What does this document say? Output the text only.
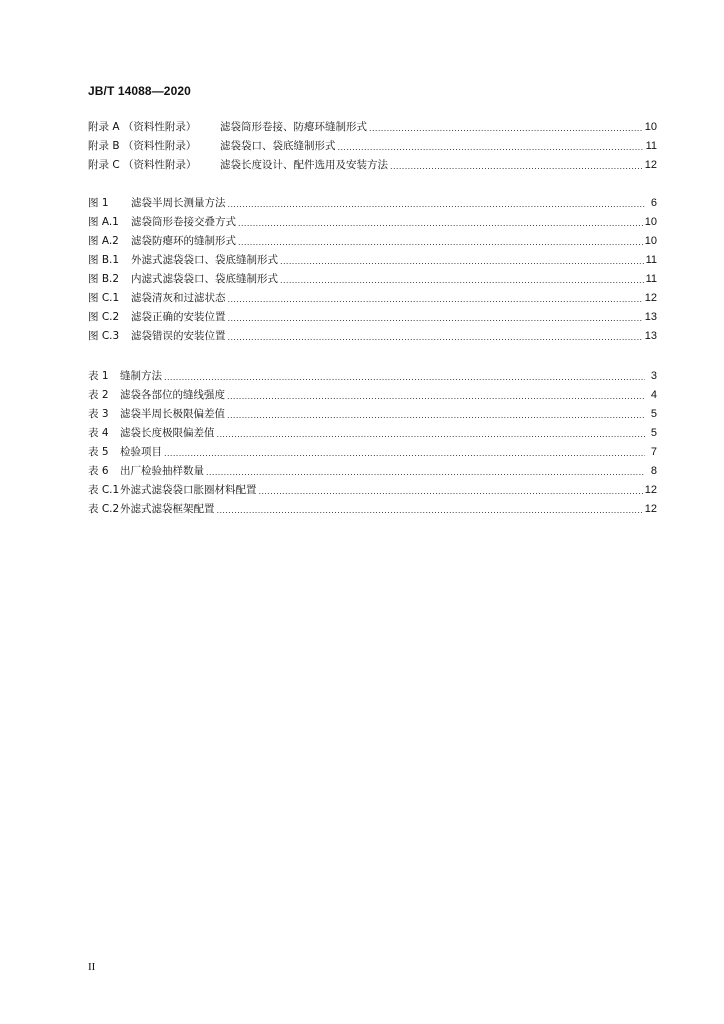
JB/T 14088—2020
附录 A （资料性附录） 滤袋筒形卷接、防瘪环缝制形式 .....	10
附录 B （资料性附录） 滤袋袋口、袋底缝制形式 .....	11
附录 C （资料性附录） 滤袋长度设计、配件选用及安装方法 .....	12
图 1 滤袋半周长测量方法 .....	6
图 A.1 滤袋筒形卷接交叠方式 .....	10
图 A.2 滤袋防瘪环的缝制形式 .....	10
图 B.1 外滤式滤袋袋口、袋底缝制形式 .....	11
图 B.2 内滤式滤袋袋口、袋底缝制形式 .....	11
图 C.1 滤袋清灰和过滤状态 .....	12
图 C.2 滤袋正确的安装位置 .....	13
图 C.3 滤袋错误的安装位置 .....	13
表 1 缝制方法 .....	3
表 2 滤袋各部位的缝线强度 .....	4
表 3 滤袋半周长极限偏差值 .....	5
表 4 滤袋长度极限偏差值 .....	5
表 5 检验项目 .....	7
表 6 出厂检验抽样数量 .....	8
表 C.1外滤式滤袋袋口胀圈材料配置 .....	12
表 C.2外滤式滤袋框架配置 .....	12
II
